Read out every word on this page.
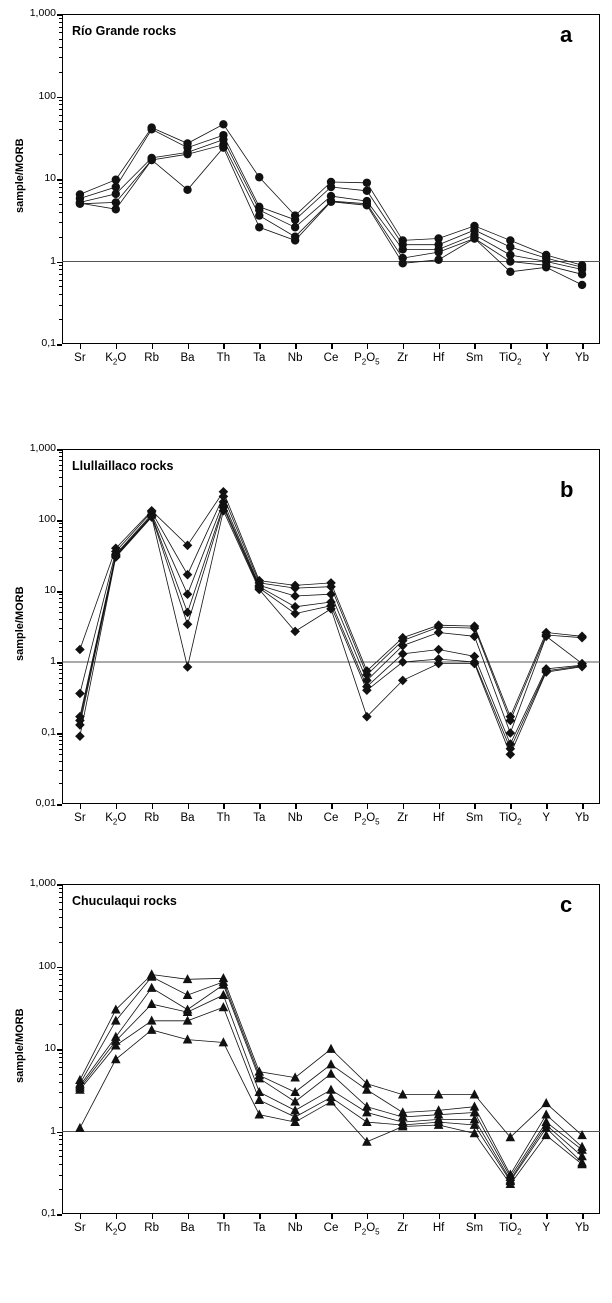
sample/MORB
Río Grande rocks	a
1,000
100
10
1
0,1
Sr	$K_2O$	Rb	Ba	Th	Ta	Nb	Ce	$P_2O_5$	Zr	Hf	Sm	TiO$_2$	Y	Yb
sample/MORB
Llullaillaco rocks
b
1,000
100
10
1
0,1
0,01
Sr	$K_2O$	Rb	Ba	Th	Ta	Nb	Ce	$P_2O_5$	Zr	Hf	Sm	TiO$_2$	Y	Yb
sample/MORB
Chuculaqui rocks	c
1,000
100
10
1
0,1
Sr	$K_2O$	Rb	Ba	Th	Ta	Nb	Ce	$P_2O_5$	Zr	Hf	Sm	TiO$_2$	Y	Yb
